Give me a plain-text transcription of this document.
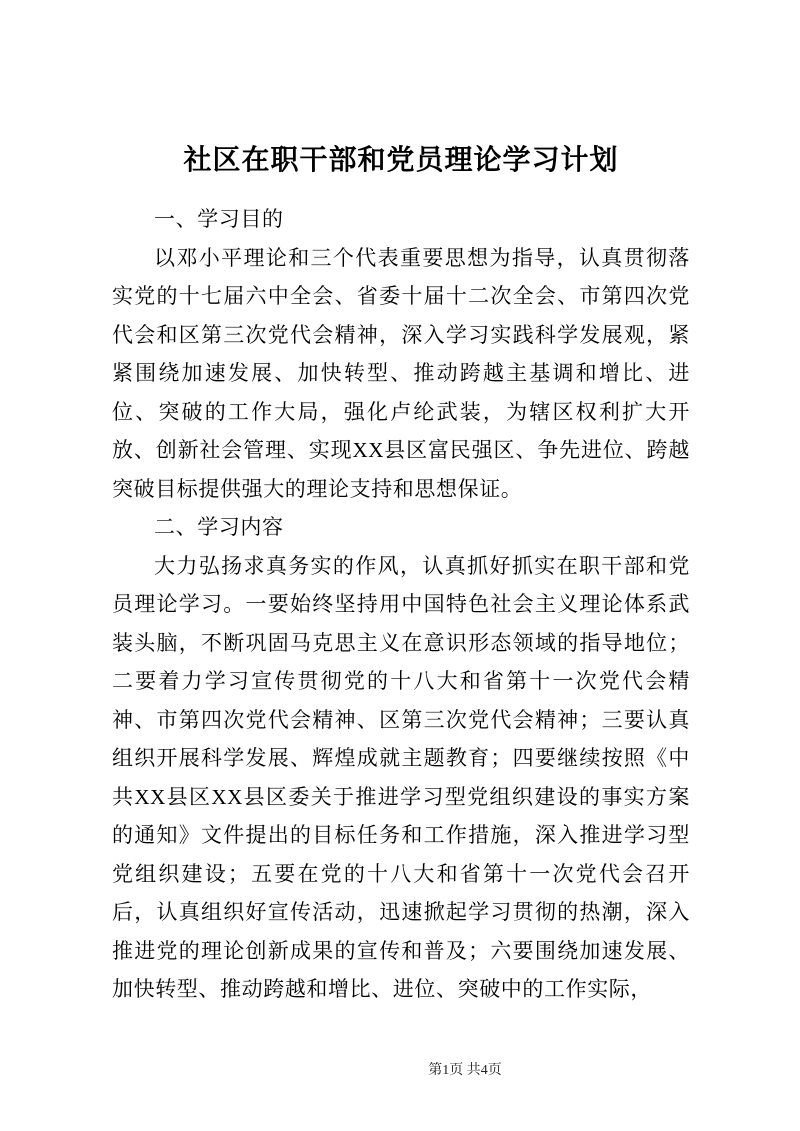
社区在职干部和党员理论学习计划

一、学习目的

以邓小平理论和三个代表重要思想为指导，认真贯彻落实党的十七届六中全会、省委十届十二次全会、市第四次党代会和区第三次党代会精神，深入学习实践科学发展观，紧紧围绕加速发展、加快转型、推动跨越主基调和增比、进位、突破的工作大局，强化卢纶武装，为辖区权利扩大开放、创新社会管理、实现XX县区富民强区、争先进位、跨越突破目标提供强大的理论支持和思想保证。

二、学习内容

大力弘扬求真务实的作风，认真抓好抓实在职干部和党员理论学习。一要始终坚持用中国特色社会主义理论体系武装头脑，不断巩固马克思主义在意识形态领域的指导地位；二要着力学习宣传贯彻党的十八大和省第十一次党代会精神、市第四次党代会精神、区第三次党代会精神；三要认真组织开展科学发展、辉煌成就主题教育；四要继续按照《中共XX县区XX县区委关于推进学习型党组织建设的事实方案的通知》文件提出的目标任务和工作措施，深入推进学习型党组织建设；五要在党的十八大和省第十一次党代会召开后，认真组织好宣传活动，迅速掀起学习贯彻的热潮，深入推进党的理论创新成果的宣传和普及；六要围绕加速发展、加快转型、推动跨越和增比、进位、突破中的工作实际，

第1页 共4页
